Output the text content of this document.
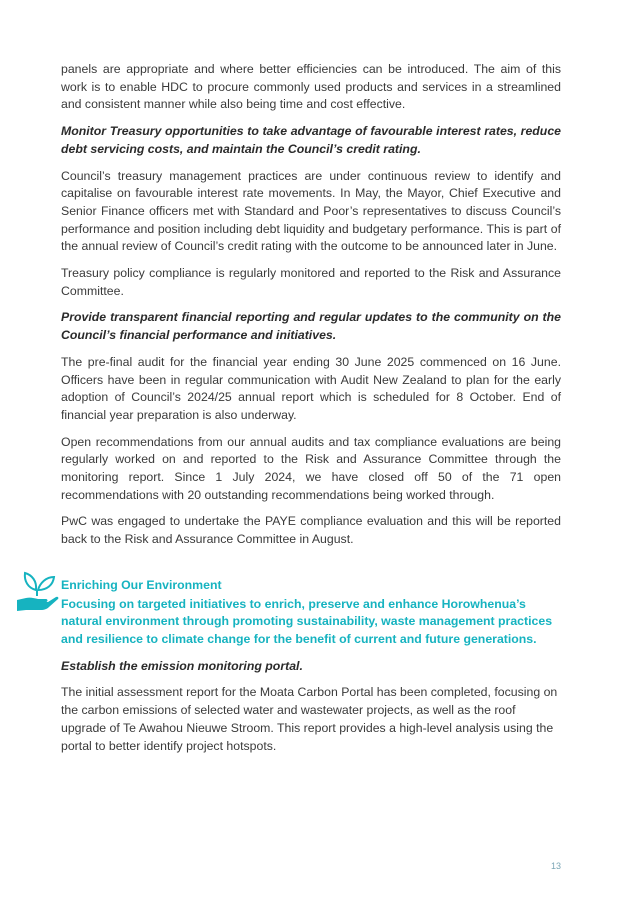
panels are appropriate and where better efficiencies can be introduced. The aim of this work is to enable HDC to procure commonly used products and services in a streamlined and consistent manner while also being time and cost effective.

Monitor Treasury opportunities to take advantage of favourable interest rates, reduce debt servicing costs, and maintain the Council’s credit rating.

Council’s treasury management practices are under continuous review to identify and capitalise on favourable interest rate movements. In May, the Mayor, Chief Executive and Senior Finance officers met with Standard and Poor’s representatives to discuss Council’s performance and position including debt liquidity and budgetary performance. This is part of the annual review of Council’s credit rating with the outcome to be announced later in June.

Treasury policy compliance is regularly monitored and reported to the Risk and Assurance Committee.

Provide transparent financial reporting and regular updates to the community on the Council’s financial performance and initiatives.

The pre-final audit for the financial year ending 30 June 2025 commenced on 16 June. Officers have been in regular communication with Audit New Zealand to plan for the early adoption of Council’s 2024/25 annual report which is scheduled for 8 October. End of financial year preparation is also underway.

Open recommendations from our annual audits and tax compliance evaluations are being regularly worked on and reported to the Risk and Assurance Committee through the monitoring report. Since 1 July 2024, we have closed off 50 of the 71 open recommendations with 20 outstanding recommendations being worked through.

PwC was engaged to undertake the PAYE compliance evaluation and this will be reported back to the Risk and Assurance Committee in August.

Enriching Our Environment

Focusing on targeted initiatives to enrich, preserve and enhance Horowhenua’s natural environment through promoting sustainability, waste management practices and resilience to climate change for the benefit of current and future generations.

Establish the emission monitoring portal.

The initial assessment report for the Moata Carbon Portal has been completed, focusing on the carbon emissions of selected water and wastewater projects, as well as the roof upgrade of Te Awahou Nieuwe Stroom. This report provides a high-level analysis using the portal to better identify project hotspots.

13
